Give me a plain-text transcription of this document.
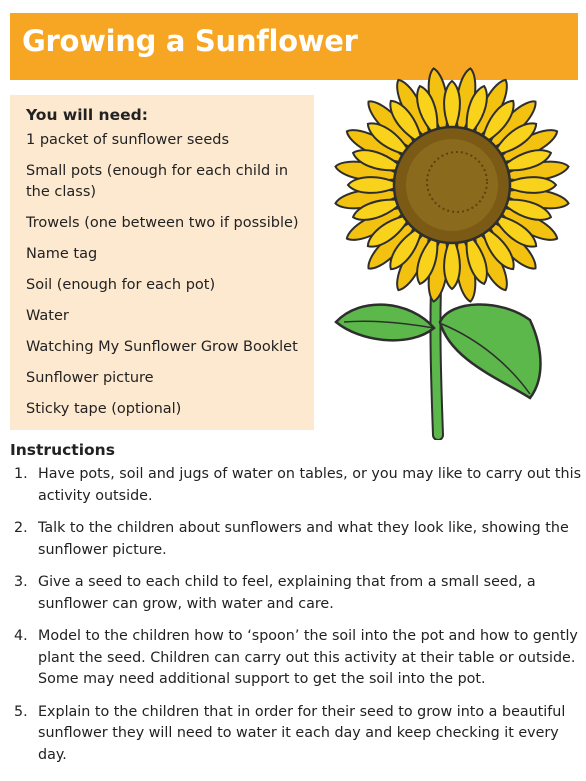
Growing a Sunflower
You will need:
1 packet of sunflower seeds
Small pots (enough for each child in the class)
Trowels (one between two if possible)
Name tag
Soil (enough for each pot)
Water
Watching My Sunflower Grow Booklet
Sunflower picture
Sticky tape (optional)
Instructions
1. Have pots, soil and jugs of water on tables, or you may like to carry out this activity outside.
2. Talk to the children about sunflowers and what they look like, showing the sunflower picture.
3. Give a seed to each child to feel, explaining that from a small seed, a sunflower can grow, with water and care.
4. Model to the children how to ‘spoon’ the soil into the pot and how to gently plant the seed. Children can carry out this activity at their table or outside. Some may need additional support to get the soil into the pot.
5. Explain to the children that in order for their seed to grow into a beautiful sunflower they will need to water it each day and keep checking it every day.
